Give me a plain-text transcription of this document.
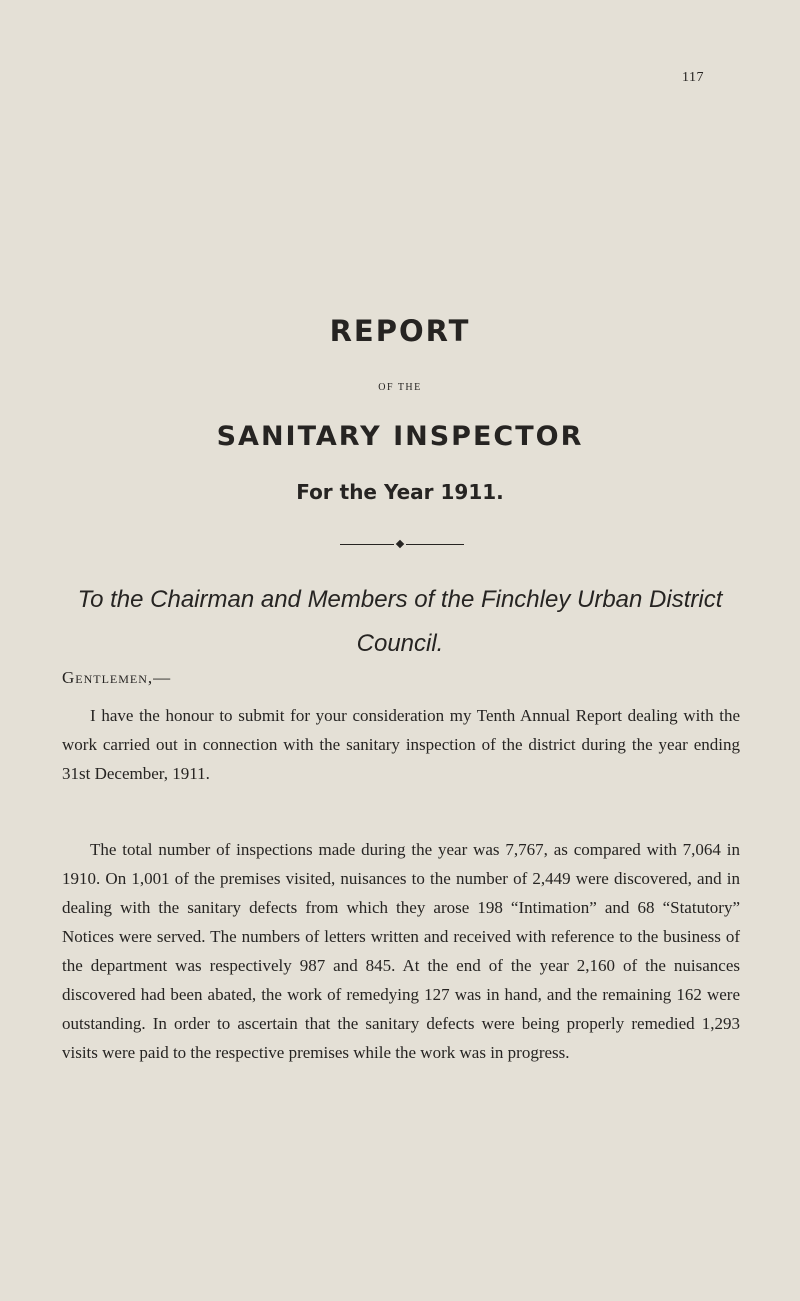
117
REPORT
OF THE
SANITARY INSPECTOR
For the Year 1911.
To the Chairman and Members of the Finchley Urban District Council.
Gentlemen,—
I have the honour to submit for your consideration my Tenth Annual Report dealing with the work carried out in connection with the sanitary inspection of the district during the year ending 31st December, 1911.
The total number of inspections made during the year was 7,767, as compared with 7,064 in 1910. On 1,001 of the premises visited, nuisances to the number of 2,449 were discovered, and in dealing with the sanitary defects from which they arose 198 “Intimation” and 68 “Statutory” Notices were served. The numbers of letters written and received with reference to the business of the department was respectively 987 and 845. At the end of the year 2,160 of the nuisances discovered had been abated, the work of remedying 127 was in hand, and the remaining 162 were outstanding. In order to ascertain that the sanitary defects were being properly remedied 1,293 visits were paid to the respective premises while the work was in progress.
